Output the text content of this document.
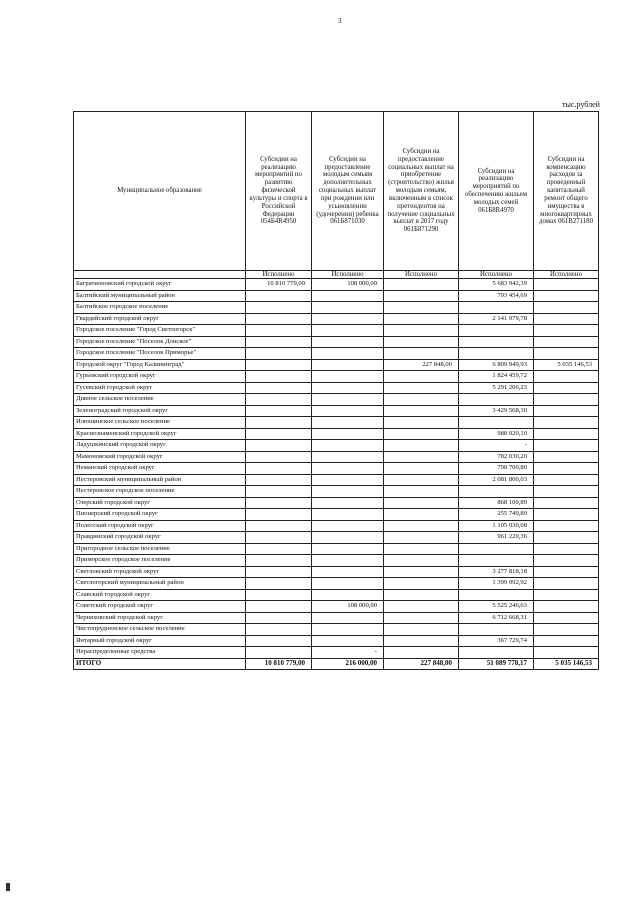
3
тыс.рублей
Муниципальное образование	Субсидии на реализацию мероприятий по развитию физической культуры и спорта в Российской Федерации 054Б4R4950	Субсидии на предоставление молодым семьям дополнительных социальных выплат при рождении или усыновлении (удочерении) ребенка 061Б871030	Субсидии на предоставление социальных выплат на приобретение (строительство) жилья молодым семьям, включенным в список претендентов на получение социальных выплат в 2017 году 061Б871290	Субсидии на реализацию мероприятий по обеспечению жильем молодых семей 061Б8R4970	Субсидии на компенсацию расходов за проведенный капитальный ремонт общего имущества в многоквартирных домах 061В271180
	Исполнено	Исполнено	Исполнено	Исполнено	Исполнено
Багратионовский городской округ	10 810 779,00	108 000,00		5 683 942,39	
Балтийский муниципальный район				793 454,69	
Балтийское городское поселение					
Гвардейский городской округ				2 141 979,78	
Городское поселение "Город Светлогорск"					
Городское поселение "Поселок Донское"					
Городское поселение "Поселок Приморье"					
Городской округ "Город Калининград"			227 848,00	6 809 949,93	5 035 146,53
Гурьевский городской округ				1 824 459,72	
Гусевский городской округ				5 291 206,23	
Дивное сельское поселение					
Зеленоградский городской округ				3 429 568,30	
Илюшинское сельское поселение					
Краснознаменский городской округ				988 020,10	
Ладушкинский городской округ				-	
Мамоновский городской округ				782 030,20	
Неманский городской округ				790 700,80	
Нестеровский муниципальный район				2 081 800,03	
Нестеровское городское поселение					
Озерский городской округ				868 109,89	
Пионерский городской округ				255 749,89	
Полесский городской округ				1 105 030,08	
Правдинский городской округ				961 220,36	
Пригородное сельское поселение					
Приморское городское поселение					
Светловский городской округ				3 277 818,18	
Светлогорский муниципальный район				1 399 092,92	
Славский городской округ					
Советский городской округ		108 000,00		5 525 246,63	
Черняховский городской округ				6 712 668,31	
Чистопрудненское сельское поселение					
Янтарный городской округ				367 729,74	
Нераспределенные средства		-			
ИТОГО	10 810 779,00	216 000,00	227 848,00	51 089 778,17	5 035 146,53
